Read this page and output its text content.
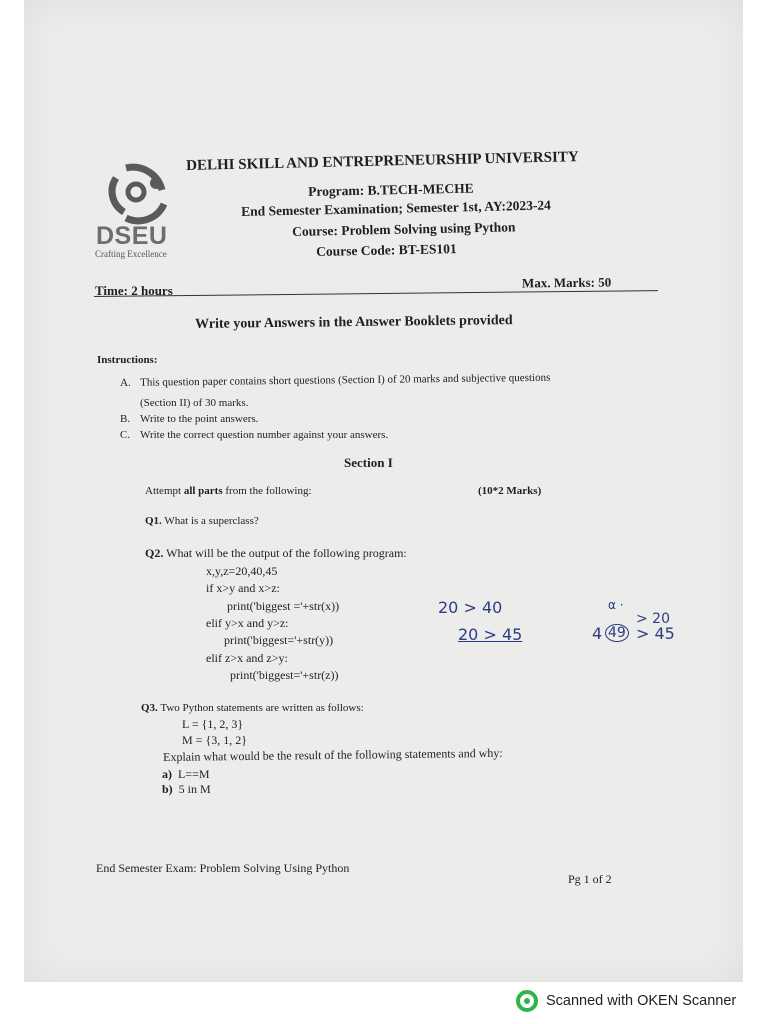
DSEU
Crafting Excellence
DELHI SKILL AND ENTREPRENEURSHIP UNIVERSITY
Program: B.TECH-MECHE
End Semester Examination; Semester 1st, AY:2023-24
Course: Problem Solving using Python
Course Code: BT-ES101
Time: 2 hours
Max. Marks: 50
Write your Answers in the Answer Booklets provided
Instructions:
A. This question paper contains short questions (Section I) of 20 marks and subjective questions
(Section II) of 30 marks.
B. Write to the point answers.
C. Write the correct question number against your answers.
Section I
Attempt all parts from the following:	(10*2 Marks)
Q1. What is a superclass?
Q2. What will be the output of the following program:
x,y,z=20,40,45
if x>y and x>z:
print('biggest ='+str(x))
elif y>x and y>z:
print('biggest='+str(y))
elif z>x and z>y:
print('biggest='+str(z))
20 > 40
20 > 45
α ·
4 49 > 45
> 20
Q3. Two Python statements are written as follows:
L = {1, 2, 3}
M = {3, 1, 2}
Explain what would be the result of the following statements and why:
a) L==M
b) 5 in M
End Semester Exam: Problem Solving Using Python
Pg 1 of 2
Scanned with OKEN Scanner
